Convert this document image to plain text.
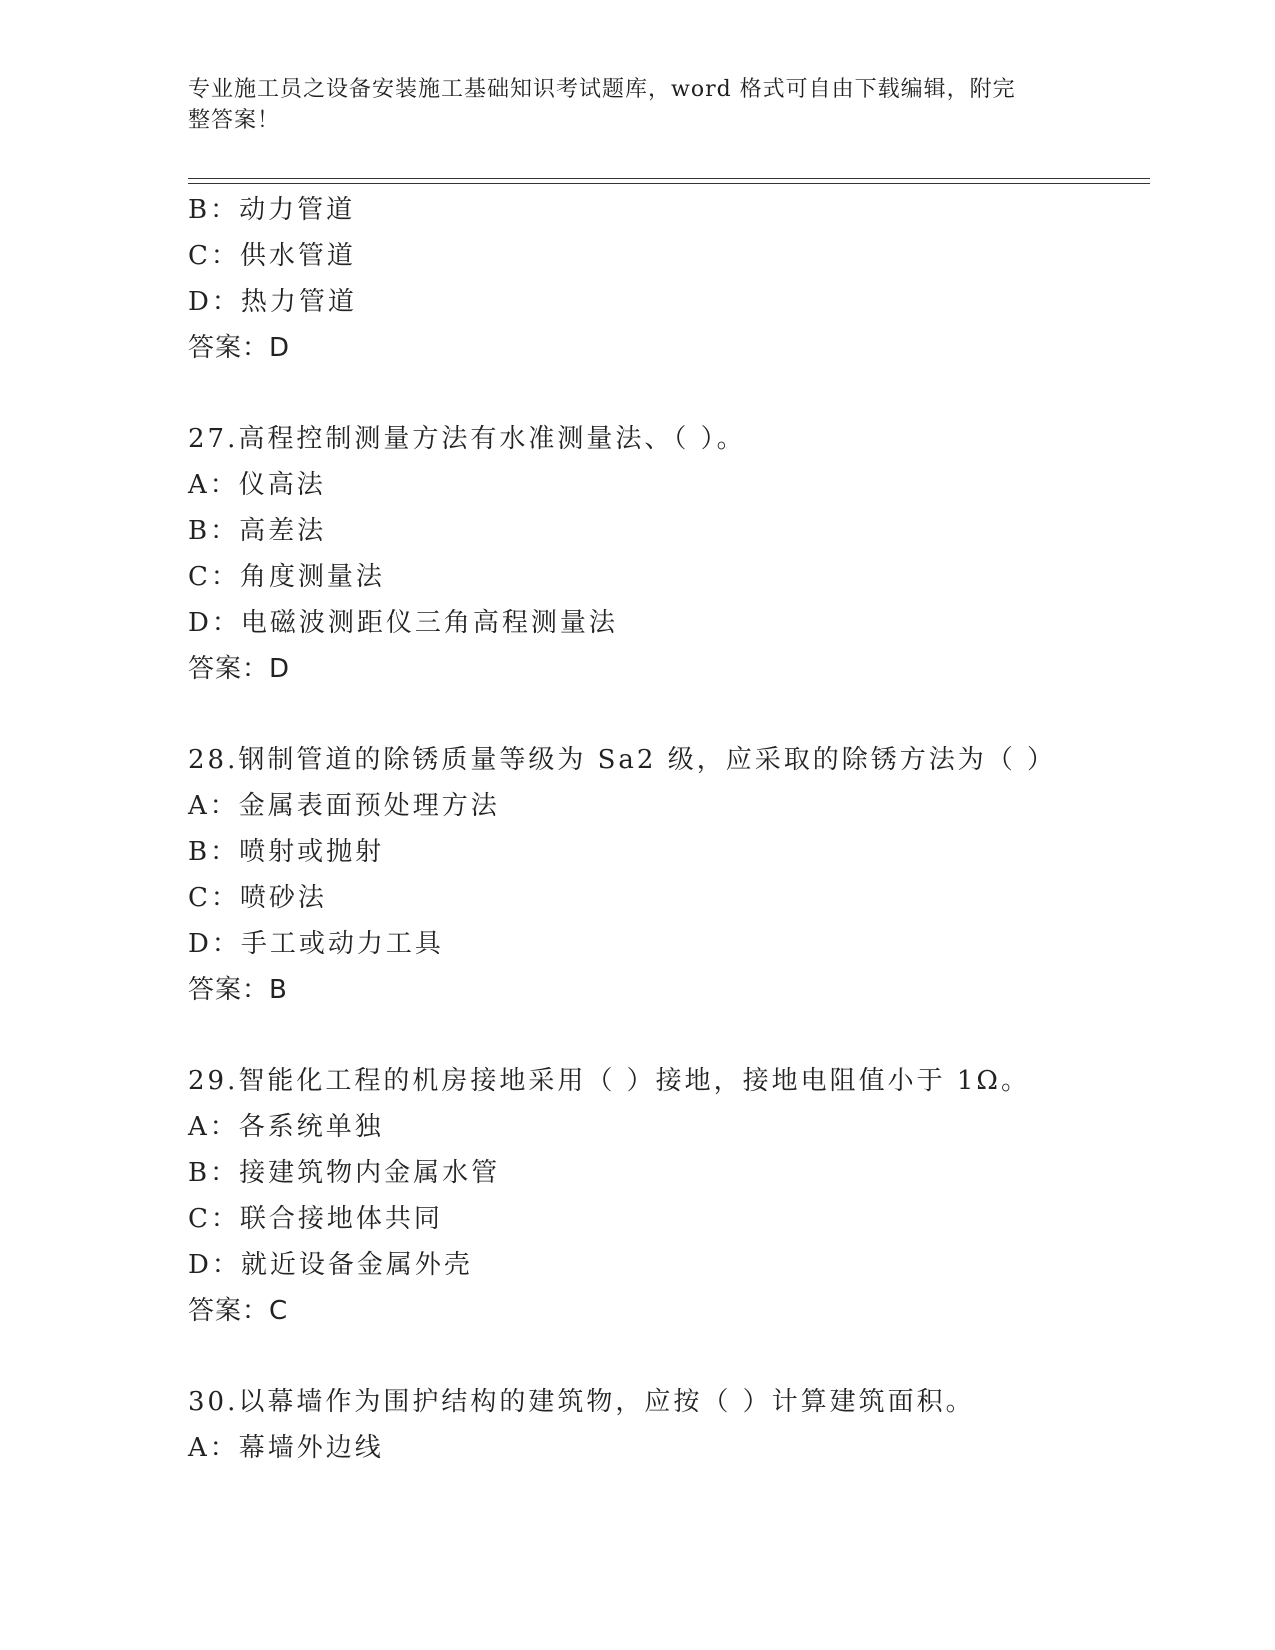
专业施工员之设备安装施工基础知识考试题库，word 格式可自由下载编辑，附完
整答案！
B：动力管道
C：供水管道
D：热力管道
答案：D
27.高程控制测量方法有水准测量法、（ ）。
A：仪高法
B：高差法
C：角度测量法
D：电磁波测距仪三角高程测量法
答案：D
28.钢制管道的除锈质量等级为 Sa2 级，应采取的除锈方法为（ ）
A：金属表面预处理方法
B：喷射或抛射
C：喷砂法
D：手工或动力工具
答案：B
29.智能化工程的机房接地采用（ ）接地，接地电阻值小于 1Ω。
A：各系统单独
B：接建筑物内金属水管
C：联合接地体共同
D：就近设备金属外壳
答案：C
30.以幕墙作为围护结构的建筑物，应按（ ）计算建筑面积。
A：幕墙外边线
